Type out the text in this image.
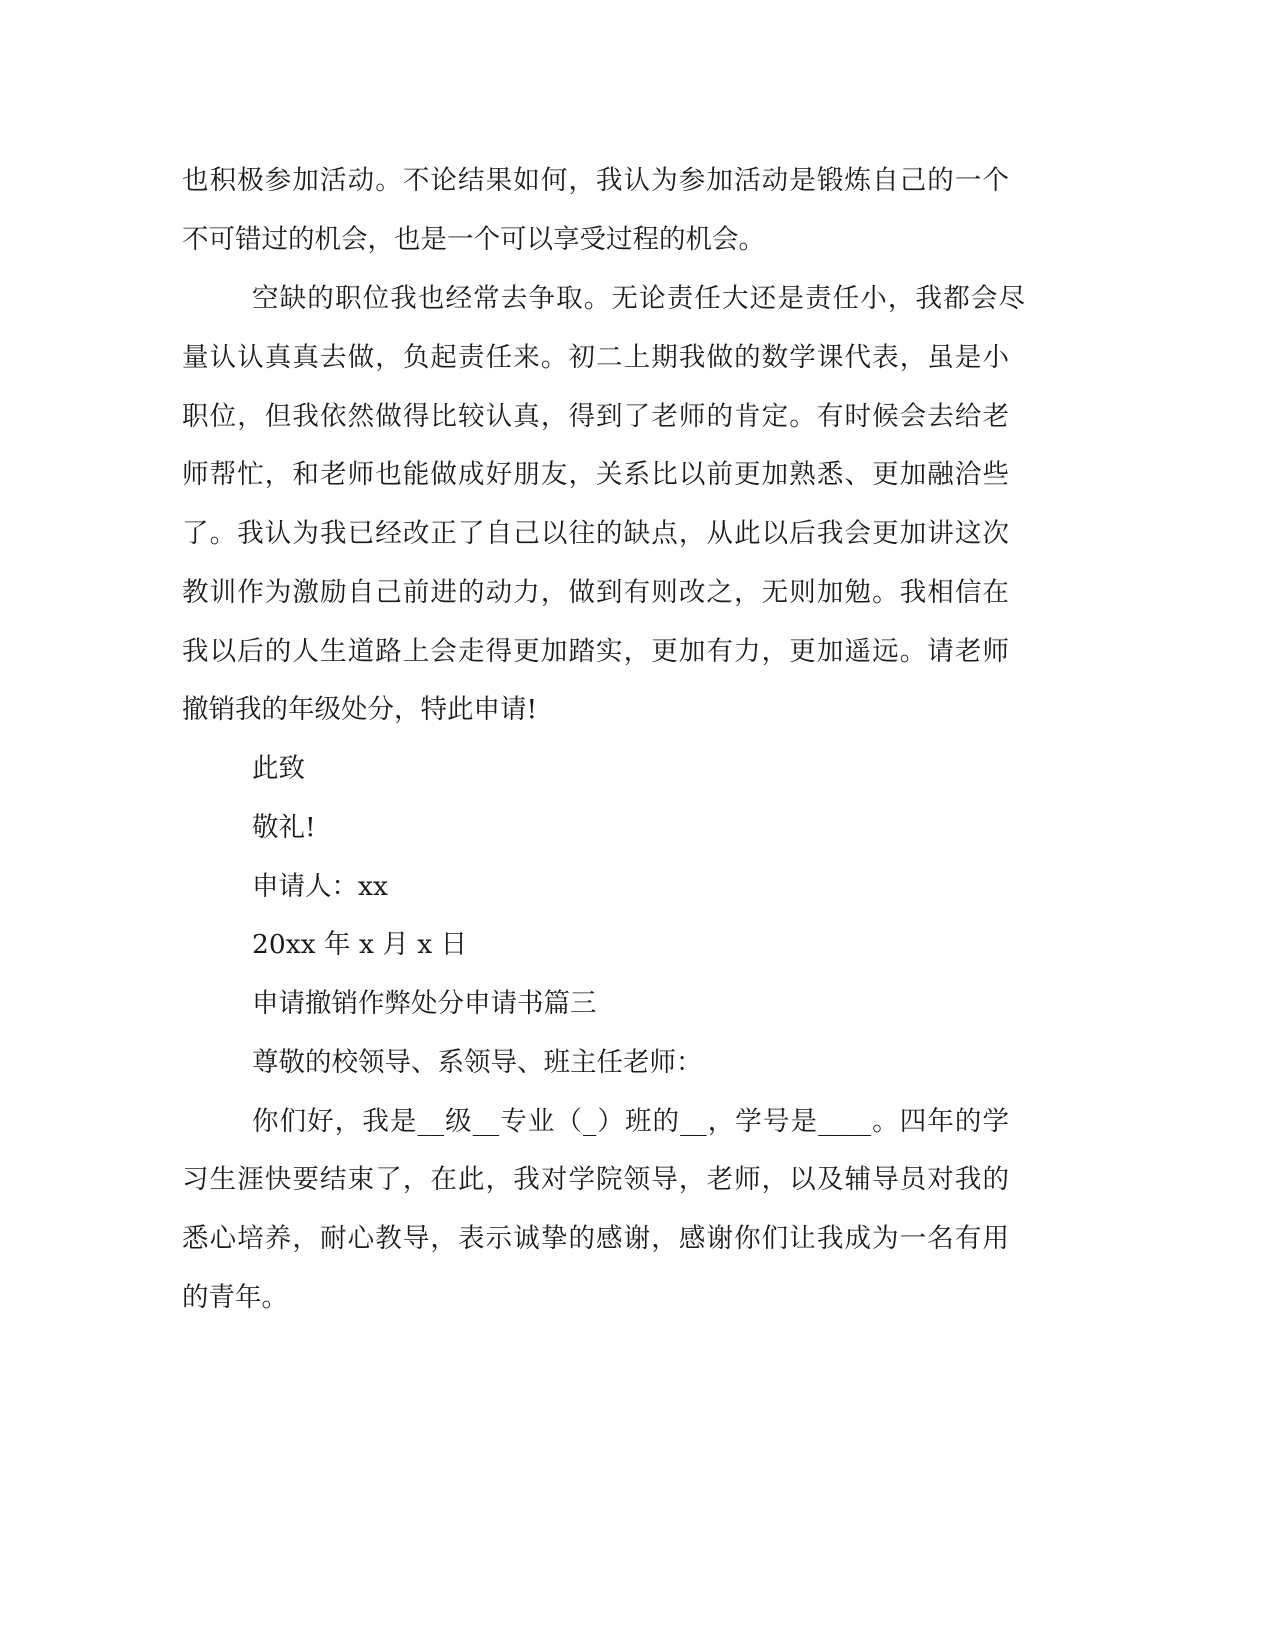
也积极参加活动。不论结果如何，我认为参加活动是锻炼自己的一个
不可错过的机会，也是一个可以享受过程的机会。
空缺的职位我也经常去争取。无论责任大还是责任小，我都会尽
量认认真真去做，负起责任来。初二上期我做的数学课代表，虽是小
职位，但我依然做得比较认真，得到了老师的肯定。有时候会去给老
师帮忙，和老师也能做成好朋友，关系比以前更加熟悉、更加融洽些
了。我认为我已经改正了自己以往的缺点，从此以后我会更加讲这次
教训作为激励自己前进的动力，做到有则改之，无则加勉。我相信在
我以后的人生道路上会走得更加踏实，更加有力，更加遥远。请老师
撤销我的年级处分，特此申请!
此致
敬礼!
申请人：xx
20xx 年 x 月 x 日
申请撤销作弊处分申请书篇三
尊敬的校领导、系领导、班主任老师：
你们好，我是__级__专业（_）班的__，学号是____。四年的学
习生涯快要结束了，在此，我对学院领导，老师，以及辅导员对我的
悉心培养，耐心教导，表示诚挚的感谢，感谢你们让我成为一名有用
的青年。
